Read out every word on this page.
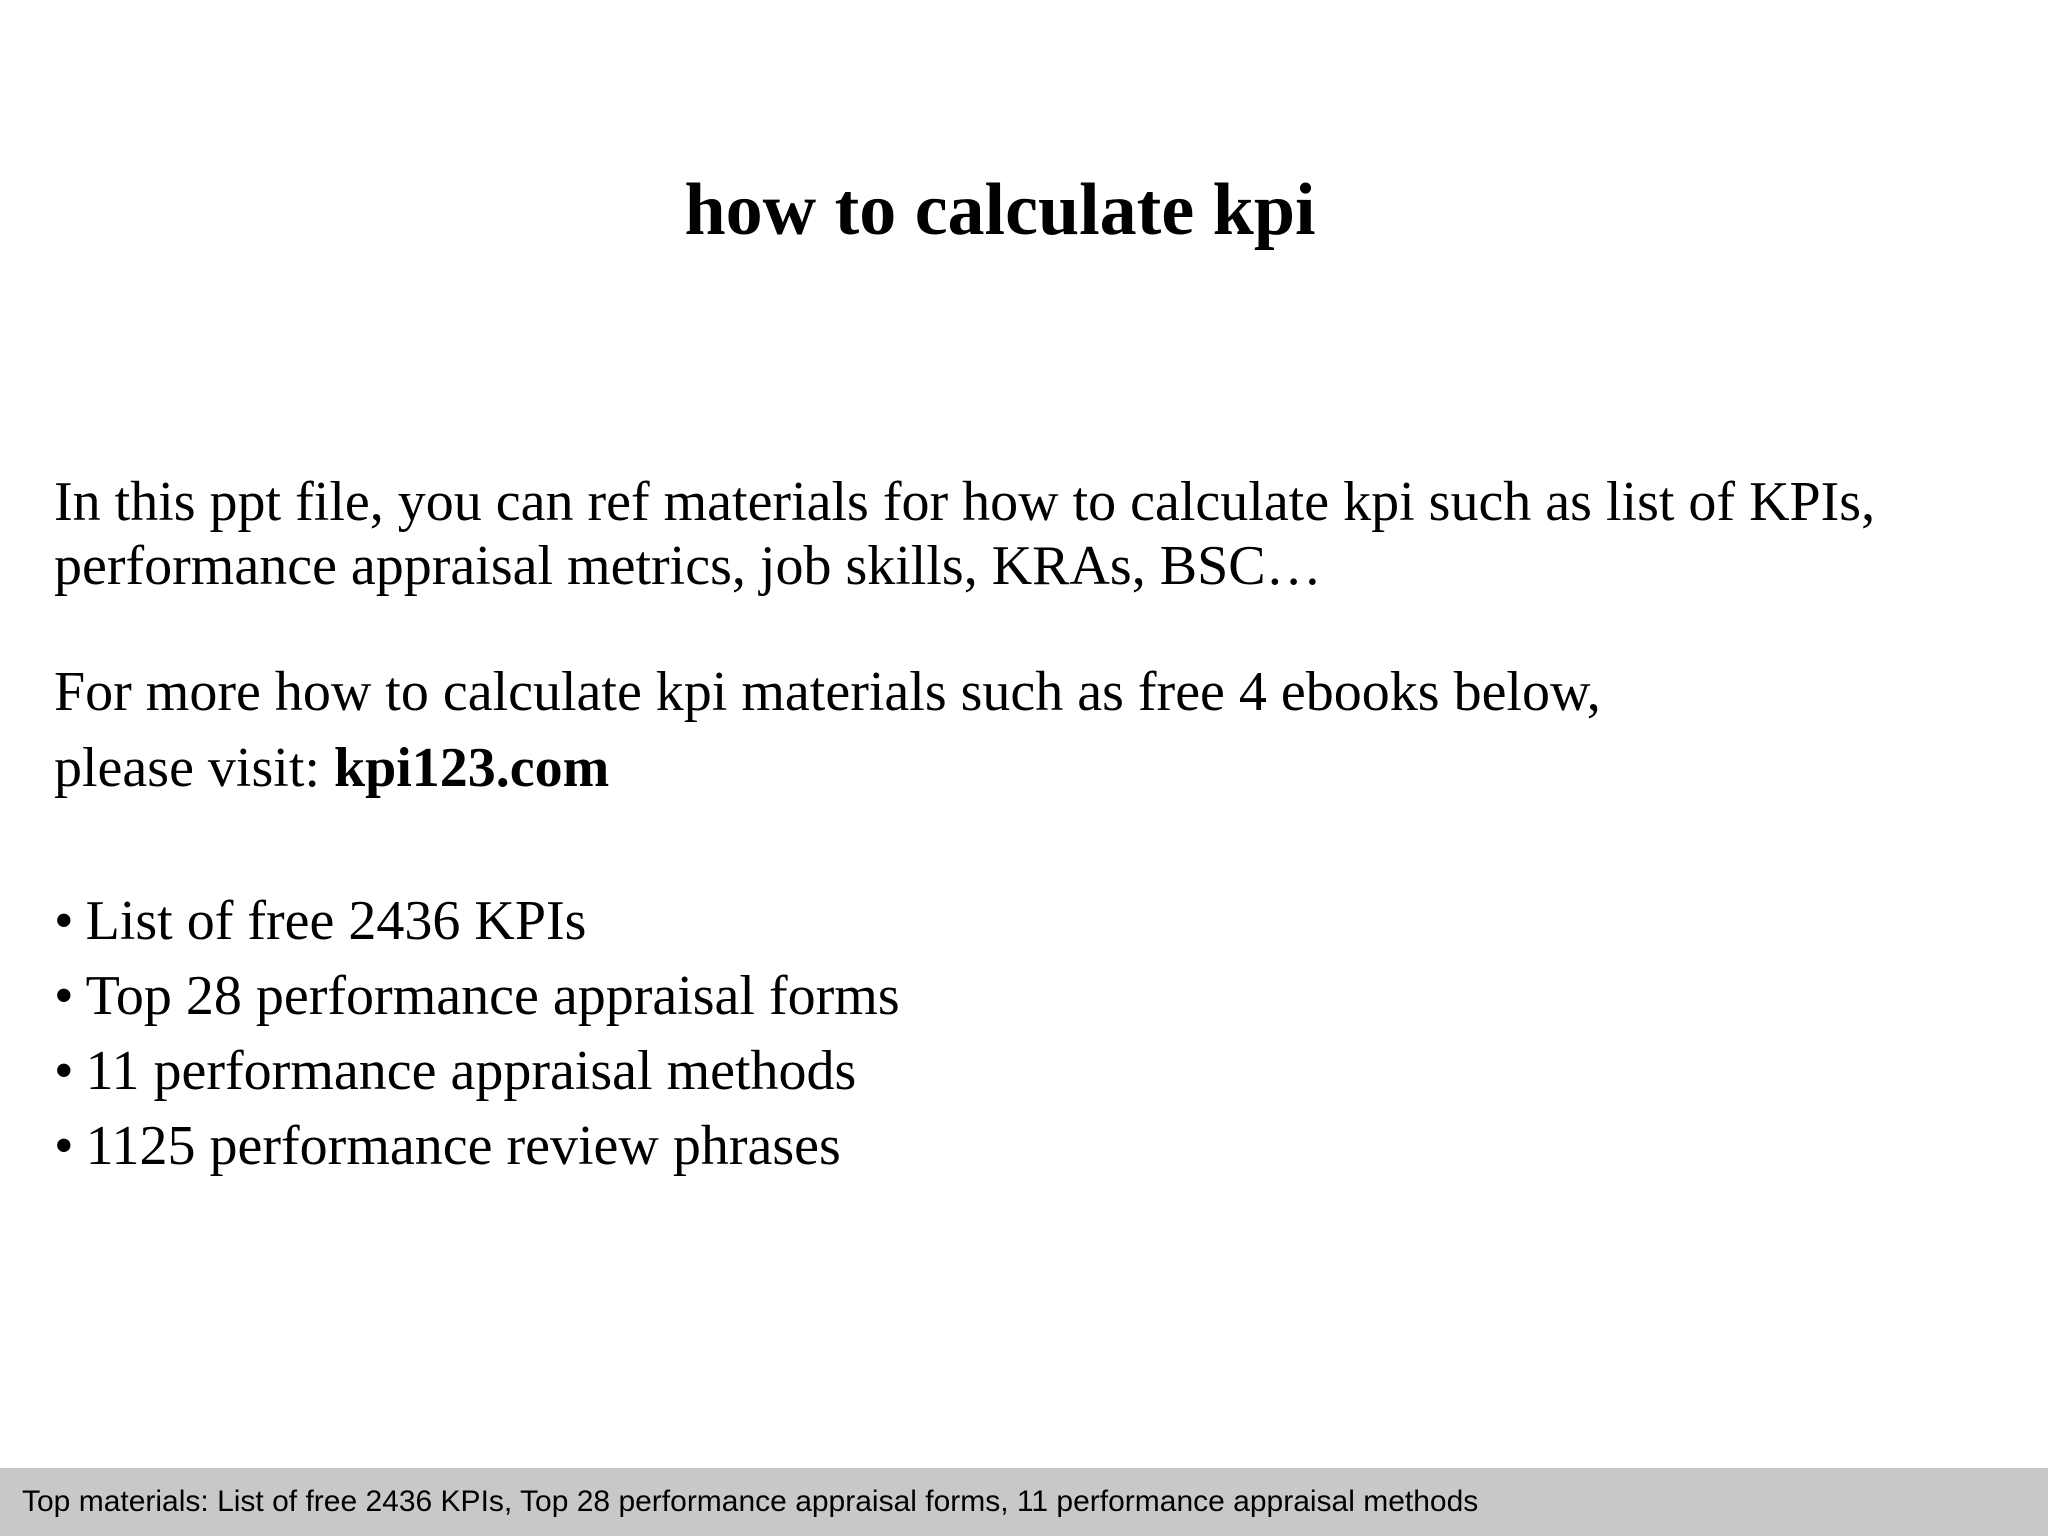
how to calculate kpi
In this ppt file, you can ref materials for how to calculate kpi such as list of KPIs,
performance appraisal metrics, job skills, KRAs, BSC…
For more how to calculate kpi materials such as free 4 ebooks below,
please visit: kpi123.com
• List of free 2436 KPIs
• Top 28 performance appraisal forms
• 11 performance appraisal methods
• 1125 performance review phrases
Top materials: List of free 2436 KPIs, Top 28 performance appraisal forms, 11 performance appraisal methods
